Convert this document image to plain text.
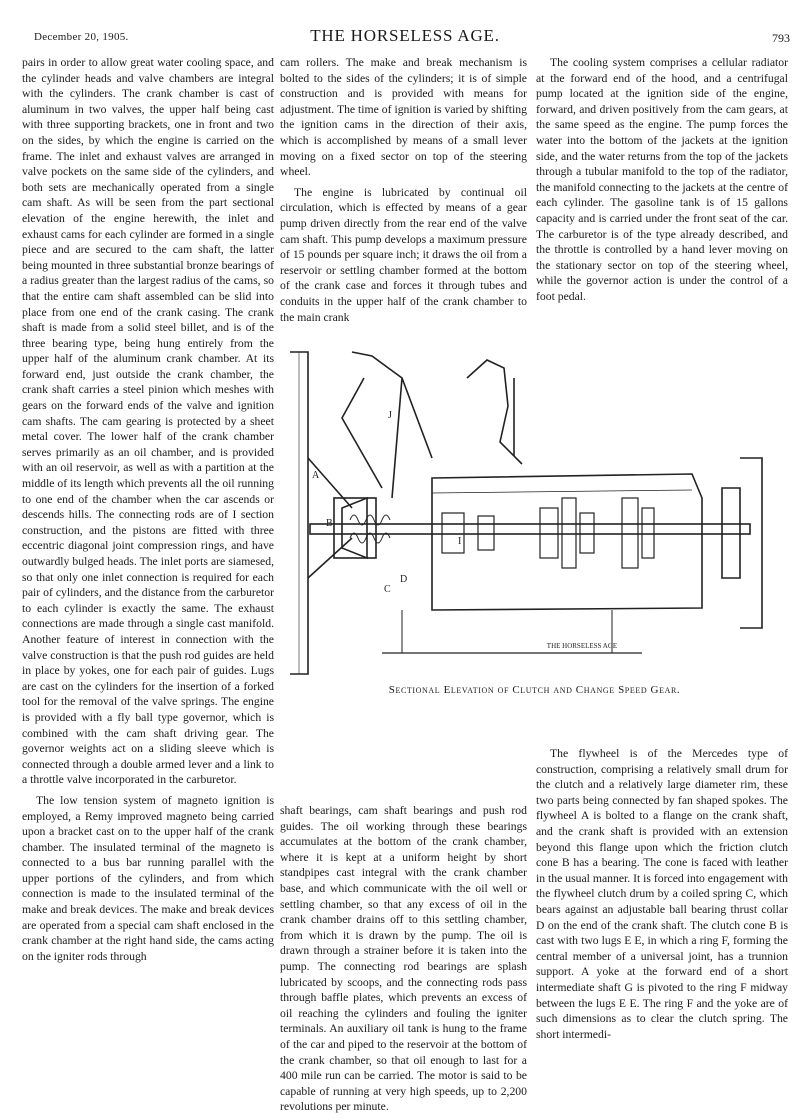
December 20, 1905.	THE HORSELESS AGE.	793

pairs in order to allow great water cooling space, and the cylinder heads and valve chambers are integral with the cylinders. The crank chamber is cast of aluminum in two valves, the upper half being cast with three supporting brackets, one in front and two on the sides, by which the engine is carried on the frame. The inlet and exhaust valves are arranged in valve pockets on the same side of the cylinders, and both sets are mechanically operated from a single cam shaft. As will be seen from the part sectional elevation of the engine herewith, the inlet and exhaust cams for each cylinder are formed in a single piece and are secured to the cam shaft, the latter being mounted in three substantial bronze bearings of a radius greater than the largest radius of the cams, so that the entire cam shaft assembled can be slid into place from one end of the crank casing. The crank shaft is made from a solid steel billet, and is of the three bearing type, being hung entirely from the upper half of the aluminum crank chamber. At its forward end, just outside the crank chamber, the crank shaft carries a steel pinion which meshes with gears on the forward ends of the valve and ignition cam shafts. The cam gearing is protected by a sheet metal cover. The lower half of the crank chamber serves primarily as an oil chamber, and is provided with an oil reservoir, as well as with a partition at the middle of its length which prevents all the oil running to one end of the chamber when the car ascends or descends hills. The connecting rods are of I section construction, and the pistons are fitted with three eccentric diagonal joint compression rings, and have outwardly bulged heads. The inlet ports are siamesed, so that only one inlet connection is required for each pair of cylinders, and the distance from the carburetor to each cylinder is exactly the same. The exhaust connections are made through a single cast manifold. Another feature of interest in connection with the valve construction is that the push rod guides are held in place by yokes, one for each pair of guides. Lugs are cast on the cylinders for the insertion of a forked tool for the removal of the valve springs. The engine is provided with a fly ball type governor, which is combined with the cam shaft driving gear. The governor weights act on a sliding sleeve which is connected through a double armed lever and a link to a throttle valve incorporated in the carburetor.

The low tension system of magneto ignition is employed, a Remy improved magneto being carried upon a bracket cast on to the upper half of the crank chamber. The insulated terminal of the magneto is connected to a bus bar running parallel with the upper portions of the cylinders, and from which connection is made to the insulated terminal of the make and break devices. The make and break devices are operated from a special cam shaft enclosed in the crank chamber at the right hand side, the cams acting on the igniter rods through

cam rollers. The make and break mechanism is bolted to the sides of the cylinders; it is of simple construction and is provided with means for adjustment. The time of ignition is varied by shifting the ignition cams in the direction of their axis, which is accomplished by means of a small lever moving on a fixed sector on top of the steering wheel.

The engine is lubricated by continual oil circulation, which is effected by means of a gear pump driven directly from the rear end of the valve cam shaft. This pump develops a maximum pressure of 15 pounds per square inch; it draws the oil from a reservoir or settling chamber formed at the bottom of the crank case and forces it through tubes and conduits in the upper half of the crank chamber to the main crank

The cooling system comprises a cellular radiator at the forward end of the hood, and a centrifugal pump located at the ignition side of the engine, forward, and driven positively from the cam gears, at the same speed as the engine. The pump forces the water into the bottom of the jackets at the ignition side, and the water returns from the top of the jackets through a tubular manifold to the top of the radiator, the manifold connecting to the jackets at the centre of each cylinder. The gasoline tank is of 15 gallons capacity and is carried under the front seat of the car. The carburetor is of the type already described, and the throttle is controlled by a hand lever moving on the stationary sector on top of the steering wheel, while the governor action is under the control of a foot pedal.

A
B
C
D
J
I
THE HORSELESS AGE
Sectional Elevation of Clutch and Change Speed Gear.

shaft bearings, cam shaft bearings and push rod guides. The oil working through these bearings accumulates at the bottom of the crank chamber, where it is kept at a uniform height by short standpipes cast integral with the crank chamber base, and which communicate with the oil well or settling chamber, so that any excess of oil in the crank chamber drains off to this settling chamber, from which it is drawn by the pump. The oil is drawn through a strainer before it is taken into the pump. The connecting rod bearings are splash lubricated by scoops, and the connecting rods pass through baffle plates, which prevents an excess of oil reaching the cylinders and fouling the igniter terminals. An auxiliary oil tank is hung to the frame of the car and piped to the reservoir at the bottom of the crank chamber, so that oil enough to last for a 400 mile run can be carried. The motor is said to be capable of running at very high speeds, up to 2,200 revolutions per minute.

The flywheel is of the Mercedes type of construction, comprising a relatively small drum for the clutch and a relatively large diameter rim, these two parts being connected by fan shaped spokes. The flywheel A is bolted to a flange on the crank shaft, and the crank shaft is provided with an extension beyond this flange upon which the friction clutch cone B has a bearing. The cone is faced with leather in the usual manner. It is forced into engagement with the flywheel clutch drum by a coiled spring C, which bears against an adjustable ball bearing thrust collar D on the end of the crank shaft. The clutch cone B is cast with two lugs E E, in which a ring F, forming the central member of a universal joint, has a trunnion support. A yoke at the forward end of a short intermediate shaft G is pivoted to the ring F midway between the lugs E E. The ring F and the yoke are of such dimensions as to clear the clutch spring. The short intermedi-
